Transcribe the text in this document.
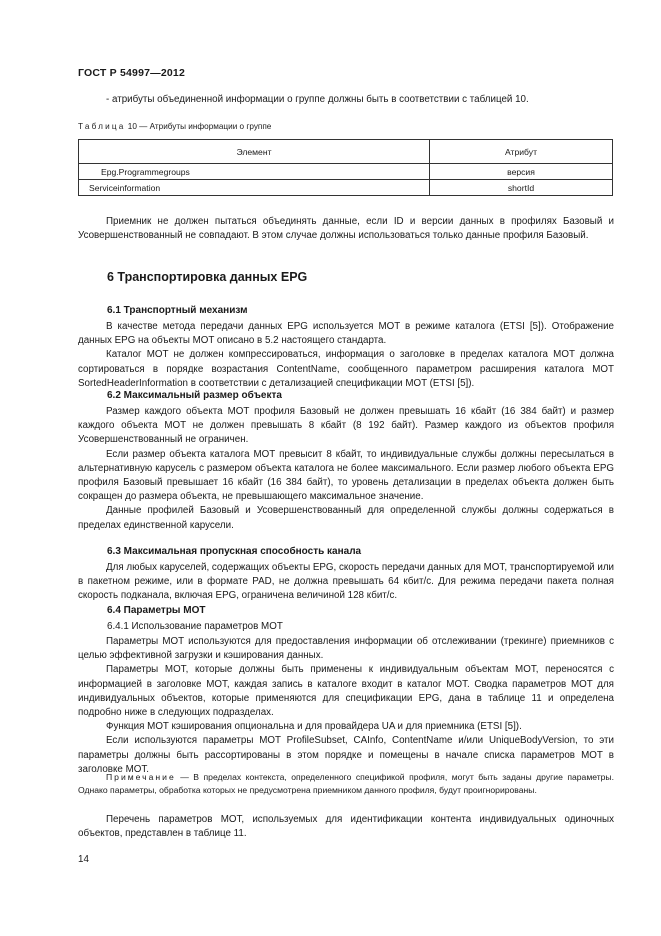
ГОСТ Р 54997—2012

- атрибуты объединенной информации о группе должны быть в соответствии с таблицей 10.

Таблица 10 — Атрибуты информации о группе
Элемент	Атрибут
Epg.Programmegroups	версия
Serviceinformation	shortId

Приемник не должен пытаться объединять данные, если ID и версии данных в профилях Базовый и Усовершенствованный не совпадают. В этом случае должны использоваться только данные профиля Базовый.

6 Транспортировка данных EPG
6.1 Транспортный механизм

В качестве метода передачи данных EPG используется MOT в режиме каталога (ETSI [5]). Отображение данных EPG на объекты MOT описано в 5.2 настоящего стандарта.

Каталог MOT не должен компрессироваться, информация о заголовке в пределах каталога MOT должна сортироваться в порядке возрастания ContentName, сообщенного параметром расширения каталога MOT SortedHeaderInformation в соответствии с детализацией спецификации MOT (ETSI [5]).

6.2 Максимальный размер объекта

Размер каждого объекта MOT профиля Базовый не должен превышать 16 кбайт (16 384 байт) и размер каждого объекта MOT не должен превышать 8 кбайт (8 192 байт). Размер каждого из объектов профиля Усовершенствованный не ограничен.

Если размер объекта каталога MOT превысит 8 кбайт, то индивидуальные службы должны пересылаться в альтернативную карусель с размером объекта каталога не более максимального. Если размер любого объекта EPG профиля Базовый превышает 16 кбайт (16 384 байт), то уровень детализации в пределах объекта должен быть сокращен до размера объекта, не превышающего максимальное значение.

Данные профилей Базовый и Усовершенствованный для определенной службы должны содержаться в пределах единственной карусели.

6.3 Максимальная пропускная способность канала

Для любых каруселей, содержащих объекты EPG, скорость передачи данных для MOT, транспортируемой или в пакетном режиме, или в формате PAD, не должна превышать 64 кбит/с. Для режима передачи пакета полная скорость подканала, включая EPG, ограничена величиной 128 кбит/с.

6.4 Параметры MOT
6.4.1 Использование параметров MOT

Параметры MOT используются для предоставления информации об отслеживании (трекинге) приемников с целью эффективной загрузки и кэширования данных.

Параметры MOT, которые должны быть применены к индивидуальным объектам MOT, переносятся с информацией в заголовке MOT, каждая запись в каталоге входит в каталог MOT. Сводка параметров MOT для индивидуальных объектов, которые применяются для спецификации EPG, дана в таблице 11 и определена подробно ниже в следующих подразделах.

Функция MOT кэширования опциональна и для провайдера UA и для приемника (ETSI [5]).

Если используются параметры MOT ProfileSubset, CAInfo, ContentName и/или UniqueBodyVersion, то эти параметры должны быть рассортированы в этом порядке и помещены в начале списка параметров MOT в заголовке MOT.

Примечание — В пределах контекста, определенного спецификой профиля, могут быть заданы другие параметры. Однако параметры, обработка которых не предусмотрена приемником данного профиля, будут проигнорированы.

Перечень параметров MOT, используемых для идентификации контента индивидуальных одиночных объектов, представлен в таблице 11.

14
